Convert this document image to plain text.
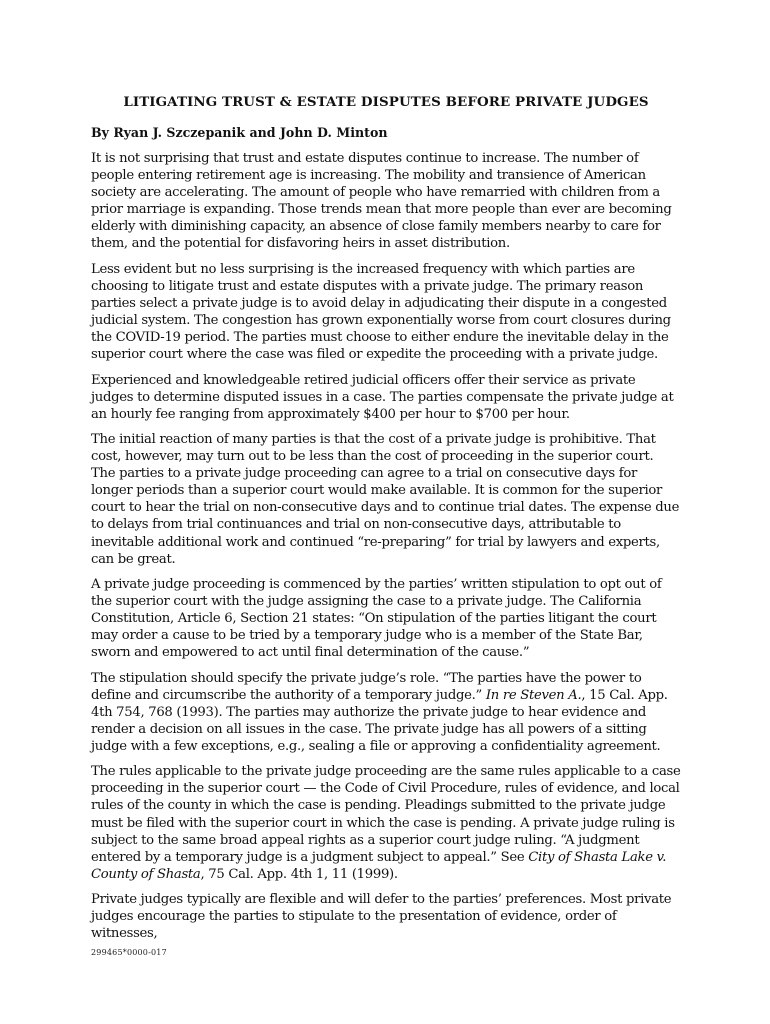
LITIGATING TRUST & ESTATE DISPUTES BEFORE PRIVATE JUDGES
By Ryan J. Szczepanik and John D. Minton

It is not surprising that trust and estate disputes continue to increase. The number of people entering retirement age is increasing. The mobility and transience of American society are accelerating. The amount of people who have remarried with children from a prior marriage is expanding. Those trends mean that more people than ever are becoming elderly with diminishing capacity, an absence of close family members nearby to care for them, and the potential for disfavoring heirs in asset distribution.

Less evident but no less surprising is the increased frequency with which parties are choosing to litigate trust and estate disputes with a private judge. The primary reason parties select a private judge is to avoid delay in adjudicating their dispute in a congested judicial system. The congestion has grown exponentially worse from court closures during the COVID-19 period. The parties must choose to either endure the inevitable delay in the superior court where the case was filed or expedite the proceeding with a private judge.

Experienced and knowledgeable retired judicial officers offer their service as private judges to determine disputed issues in a case. The parties compensate the private judge at an hourly fee ranging from approximately $400 per hour to $700 per hour.

The initial reaction of many parties is that the cost of a private judge is prohibitive. That cost, however, may turn out to be less than the cost of proceeding in the superior court. The parties to a private judge proceeding can agree to a trial on consecutive days for longer periods than a superior court would make available. It is common for the superior court to hear the trial on non-consecutive days and to continue trial dates. The expense due to delays from trial continuances and trial on non-consecutive days, attributable to inevitable additional work and continued “re-preparing” for trial by lawyers and experts, can be great.

A private judge proceeding is commenced by the parties’ written stipulation to opt out of the superior court with the judge assigning the case to a private judge. The California Constitution, Article 6, Section 21 states: “On stipulation of the parties litigant the court may order a cause to be tried by a temporary judge who is a member of the State Bar, sworn and empowered to act until final determination of the cause.”

The stipulation should specify the private judge’s role. “The parties have the power to define and circumscribe the authority of a temporary judge.” In re Steven A., 15 Cal. App. 4th 754, 768 (1993). The parties may authorize the private judge to hear evidence and render a decision on all issues in the case. The private judge has all powers of a sitting judge with a few exceptions, e.g., sealing a file or approving a confidentiality agreement.

The rules applicable to the private judge proceeding are the same rules applicable to a case proceeding in the superior court — the Code of Civil Procedure, rules of evidence, and local rules of the county in which the case is pending. Pleadings submitted to the private judge must be filed with the superior court in which the case is pending. A private judge ruling is subject to the same broad appeal rights as a superior court judge ruling. “A judgment entered by a temporary judge is a judgment subject to appeal.” See City of Shasta Lake v. County of Shasta, 75 Cal. App. 4th 1, 11 (1999).

Private judges typically are flexible and will defer to the parties’ preferences. Most private judges encourage the parties to stipulate to the presentation of evidence, order of witnesses,

299465*0000-017
